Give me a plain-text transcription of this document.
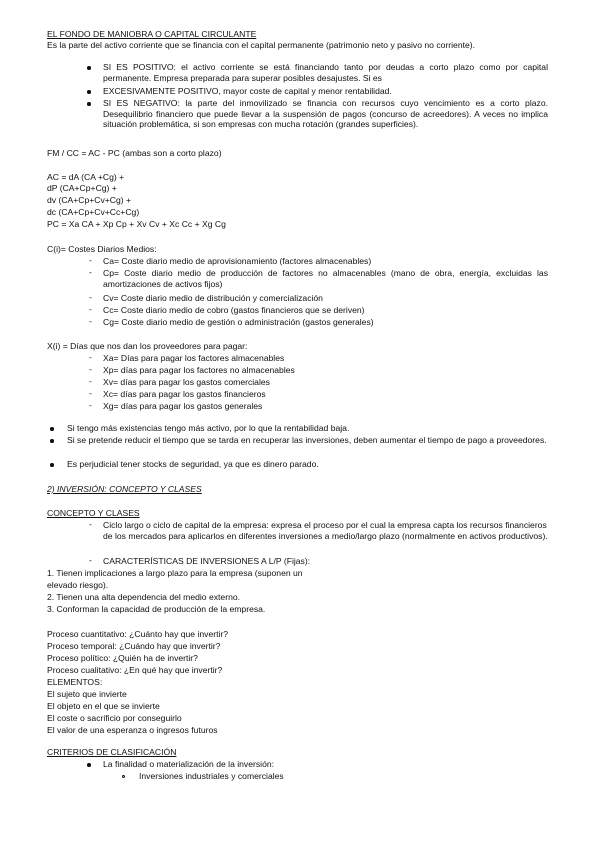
EL FONDO DE MANIOBRA O CAPITAL CIRCULANTE
Es la parte del activo corriente que se financia con el capital permanente (patrimonio neto y pasivo no corriente).
SI ES POSITIVO: el activo corriente se está financiando tanto por deudas a corto plazo como por capital permanente. Empresa preparada para superar posibles desajustes. Si es
EXCESIVAMENTE POSITIVO, mayor coste de capital y menor rentabilidad.
SI ES NEGATIVO: la parte del inmovilizado se financia con recursos cuyo vencimiento es a corto plazo. Desequilibrio financiero que puede llevar a la suspensión de pagos (concurso de acreedores). A veces no implica situación problemática, si son empresas con mucha rotación (grandes superficies).
FM / CC = AC - PC (ambas son a corto plazo)
AC = dA (CA +Cg) +
dP (CA+Cp+Cg) +
dv (CA+Cp+Cv+Cg) +
dc (CA+Cp+Cv+Cc+Cg)
PC = Xa CA + Xp Cp + Xv Cv + Xc Cc + Xg Cg
C(i)= Costes Diarios Medios:
- Ca= Coste diario medio de aprovisionamiento (factores almacenables)
- Cp= Coste diario medio de producción de factores no almacenables (mano de obra, energía, excluidas las amortizaciones de activos fijos)
- Cv= Coste diario medio de distribución y comercialización
- Cc= Coste diario medio de cobro (gastos financieros que se deriven)
- Cg= Coste diario medio de gestión o administración (gastos generales)
X(i) = Días que nos dan los proveedores para pagar:
- Xa= Días para pagar los factores almacenables
- Xp= días para pagar los factores no almacenables
- Xv= días para pagar los gastos comerciales
- Xc= días para pagar los gastos financieros
- Xg= días para pagar los gastos generales
Si tengo más existencias tengo más activo, por lo que la rentabilidad baja.
Si se pretende reducir el tiempo que se tarda en recuperar las inversiones, deben aumentar el tiempo de pago a proveedores.
Es perjudicial tener stocks de seguridad, ya que es dinero parado.
2) INVERSIÓN: CONCEPTO Y CLASES
CONCEPTO Y CLASES
- Ciclo largo o ciclo de capital de la empresa: expresa el proceso por el cual la empresa capta los recursos financieros de los mercados para aplicarlos en diferentes inversiones a medio/largo plazo (normalmente en activos productivos).
- CARACTERÍSTICAS DE INVERSIONES A L/P (Fijas):
1. Tienen implicaciones a largo plazo para la empresa (suponen un
elevado riesgo).
2. Tienen una alta dependencia del medio externo.
3. Conforman la capacidad de producción de la empresa.
Proceso cuantitativo: ¿Cuánto hay que invertir?
Proceso temporal: ¿Cuándo hay que invertir?
Proceso político: ¿Quién ha de invertir?
Proceso cualitativo: ¿En qué hay que invertir?
ELEMENTOS:
El sujeto que invierte
El objeto en el que se invierte
El coste o sacrificio por conseguirlo
El valor de una esperanza o ingresos futuros
CRITERIOS DE CLASIFICACIÓN
La finalidad o materialización de la inversión:
Inversiones industriales y comerciales
